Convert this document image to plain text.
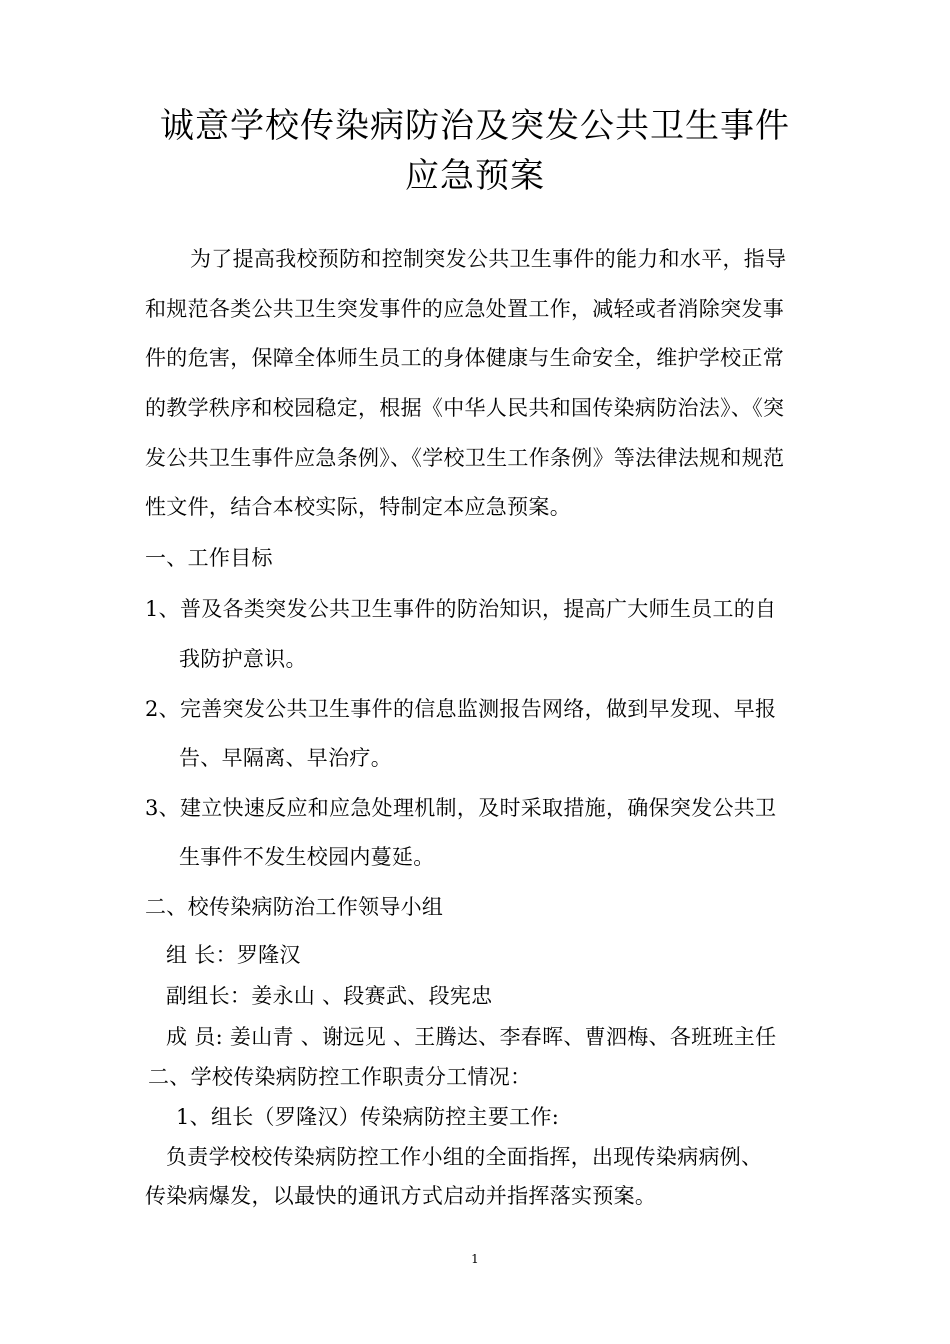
诚意学校传染病防治及突发公共卫生事件
应急预案
为了提高我校预防和控制突发公共卫生事件的能力和水平，指导
和规范各类公共卫生突发事件的应急处置工作，减轻或者消除突发事
件的危害，保障全体师生员工的身体健康与生命安全，维护学校正常
的教学秩序和校园稳定，根据《中华人民共和国传染病防治法》、《突
发公共卫生事件应急条例》、《学校卫生工作条例》等法律法规和规范
性文件，结合本校实际，特制定本应急预案。
一、工作目标
1、普及各类突发公共卫生事件的防治知识，提高广大师生员工的自
我防护意识。
2、完善突发公共卫生事件的信息监测报告网络，做到早发现、早报
告、早隔离、早治疗。
3、建立快速反应和应急处理机制，及时采取措施，确保突发公共卫
生事件不发生校园内蔓延。
二、校传染病防治工作领导小组
组 长：罗隆汉
副组长：姜永山 、段赛武、段宪忠
成 员: 姜山青 、谢远见 、王腾达、李春晖、曹泗梅、各班班主任
二、学校传染病防控工作职责分工情况：
1、组长（罗隆汉）传染病防控主要工作:
负责学校校传染病防控工作小组的全面指挥，出现传染病病例、
传染病爆发，以最快的通讯方式启动并指挥落实预案。
1
